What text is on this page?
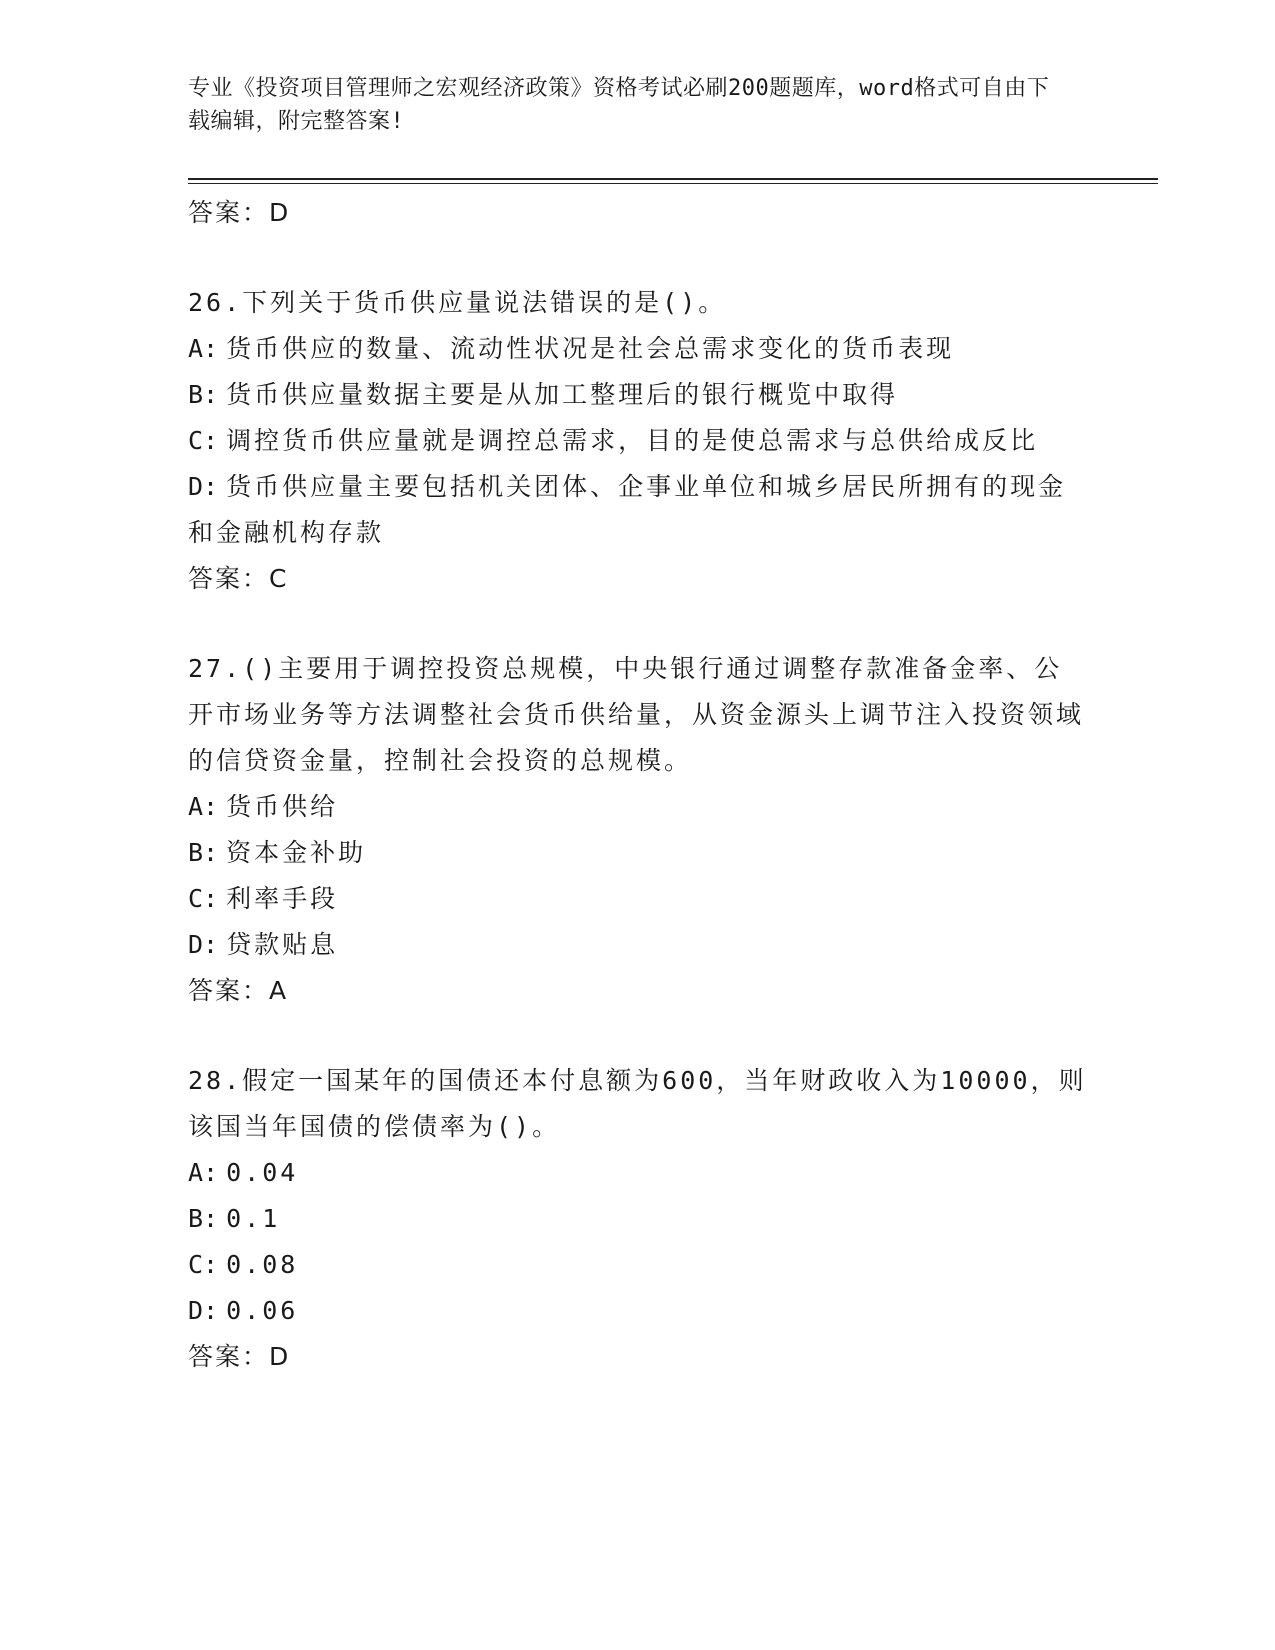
专业《投资项目管理师之宏观经济政策》资格考试必刷200题题库，word格式可自由下载编辑，附完整答案!
答案：D
26.下列关于货币供应量说法错误的是()。
A: 货币供应的数量、流动性状况是社会总需求变化的货币表现
B: 货币供应量数据主要是从加工整理后的银行概览中取得
C: 调控货币供应量就是调控总需求，目的是使总需求与总供给成反比
D: 货币供应量主要包括机关团体、企事业单位和城乡居民所拥有的现金和金融机构存款
答案：C
27.()主要用于调控投资总规模，中央银行通过调整存款准备金率、公开市场业务等方法调整社会货币供给量，从资金源头上调节注入投资领域的信贷资金量，控制社会投资的总规模。
A: 货币供给
B: 资本金补助
C: 利率手段
D: 贷款贴息
答案：A
28.假定一国某年的国债还本付息额为600，当年财政收入为10000，则该国当年国债的偿债率为()。
A: 0.04
B: 0.1
C: 0.08
D: 0.06
答案：D
